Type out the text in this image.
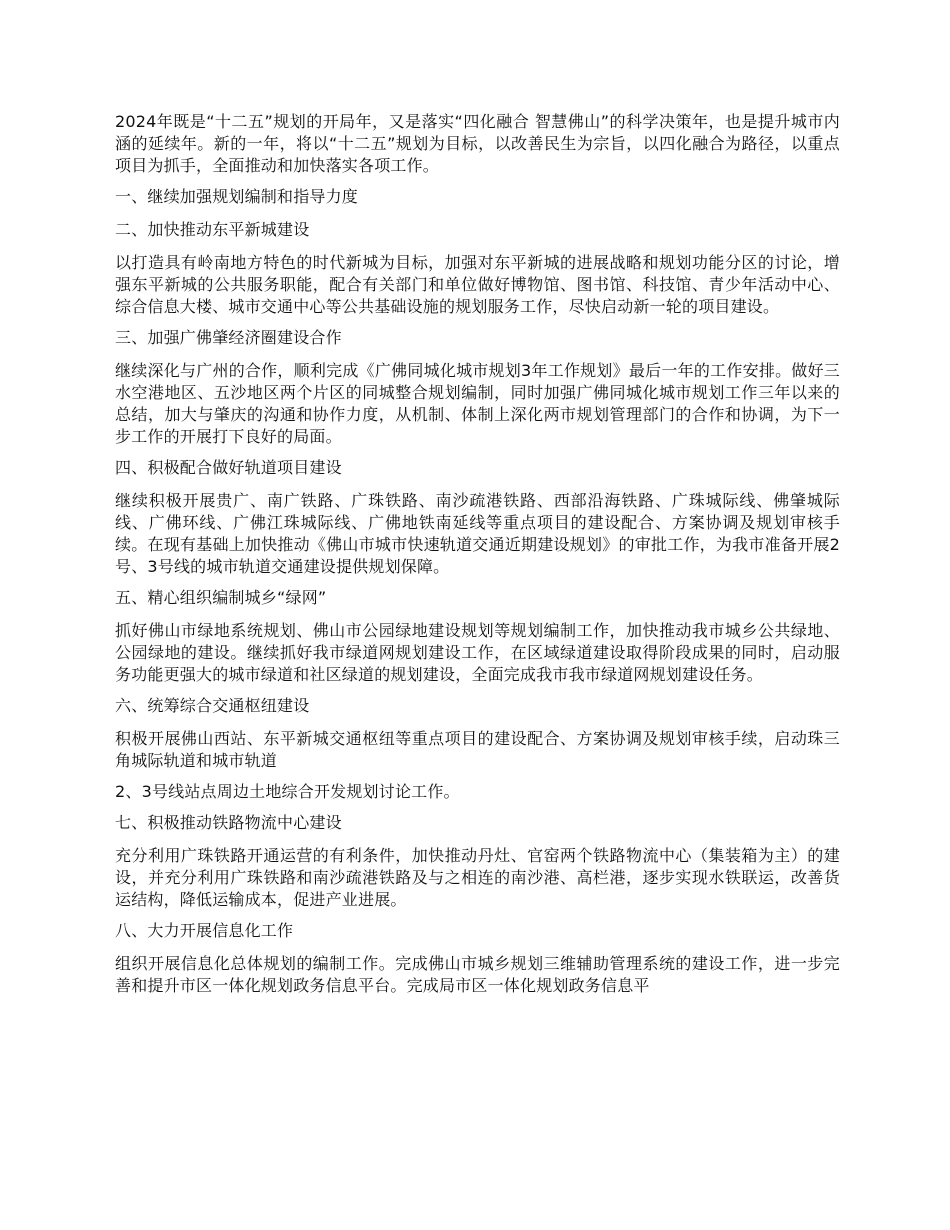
2024年既是“十二五”规划的开局年，又是落实“四化融合 智慧佛山”的科学决策年，也是提升城市内涵的延续年。新的一年，将以“十二五”规划为目标，以改善民生为宗旨，以四化融合为路径，以重点项目为抓手，全面推动和加快落实各项工作。

一、继续加强规划编制和指导力度

二、加快推动东平新城建设

以打造具有岭南地方特色的时代新城为目标，加强对东平新城的进展战略和规划功能分区的讨论，增强东平新城的公共服务职能，配合有关部门和单位做好博物馆、图书馆、科技馆、青少年活动中心、综合信息大楼、城市交通中心等公共基础设施的规划服务工作，尽快启动新一轮的项目建设。

三、加强广佛肇经济圈建设合作

继续深化与广州的合作，顺利完成《广佛同城化城市规划3年工作规划》最后一年的工作安排。做好三水空港地区、五沙地区两个片区的同城整合规划编制，同时加强广佛同城化城市规划工作三年以来的总结，加大与肇庆的沟通和协作力度，从机制、体制上深化两市规划管理部门的合作和协调，为下一步工作的开展打下良好的局面。

四、积极配合做好轨道项目建设

继续积极开展贵广、南广铁路、广珠铁路、南沙疏港铁路、西部沿海铁路、广珠城际线、佛肇城际线、广佛环线、广佛江珠城际线、广佛地铁南延线等重点项目的建设配合、方案协调及规划审核手续。在现有基础上加快推动《佛山市城市快速轨道交通近期建设规划》的审批工作，为我市准备开展2号、3号线的城市轨道交通建设提供规划保障。

五、精心组织编制城乡“绿网”

抓好佛山市绿地系统规划、佛山市公园绿地建设规划等规划编制工作，加快推动我市城乡公共绿地、公园绿地的建设。继续抓好我市绿道网规划建设工作，在区域绿道建设取得阶段成果的同时，启动服务功能更强大的城市绿道和社区绿道的规划建设，全面完成我市我市绿道网规划建设任务。

六、统筹综合交通枢纽建设

积极开展佛山西站、东平新城交通枢纽等重点项目的建设配合、方案协调及规划审核手续，启动珠三角城际轨道和城市轨道

2、3号线站点周边土地综合开发规划讨论工作。

七、积极推动铁路物流中心建设

充分利用广珠铁路开通运营的有利条件，加快推动丹灶、官窑两个铁路物流中心（集装箱为主）的建设，并充分利用广珠铁路和南沙疏港铁路及与之相连的南沙港、高栏港，逐步实现水铁联运，改善货运结构，降低运输成本，促进产业进展。

八、大力开展信息化工作

组织开展信息化总体规划的编制工作。完成佛山市城乡规划三维辅助管理系统的建设工作，进一步完善和提升市区一体化规划政务信息平台。完成局市区一体化规划政务信息平
